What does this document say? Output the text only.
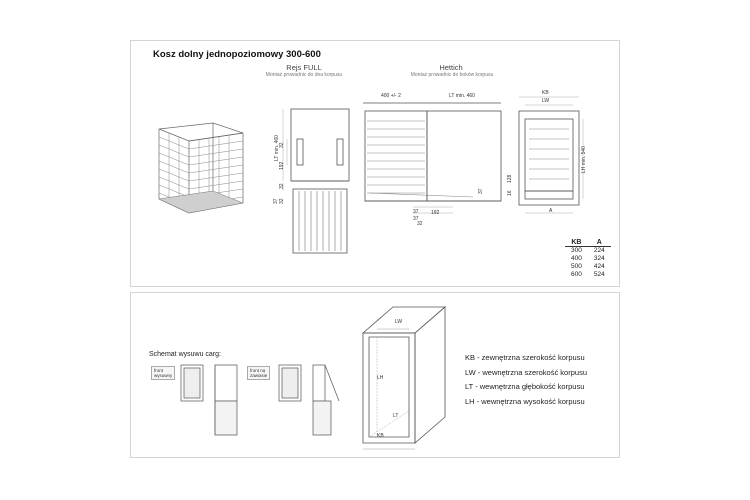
Kosz dolny jednopoziomowy 300-600
Rejs FULL
Montaż prowadnic do dna korpusu
Hettich
Montaż prowadnic do boków korpusu
LT min. 460 32
192
32
37 32
400 +/- 2	LT min. 460
37
37
32
192
37
KB
LW
LH min. 540
128
16
A
KB	A
300	224
400	324
500	424
600	524
Schemat wysuwu carg:
front
wysuwny
front na
zawiasie
LW
LH
LT
KB
KB - zewnętrzna szerokość korpusu
LW - wewnętrzna szerokość korpusu
LT - wewnętrzna głębokość korpusu
LH - wewnętrzna wysokość korpusu
